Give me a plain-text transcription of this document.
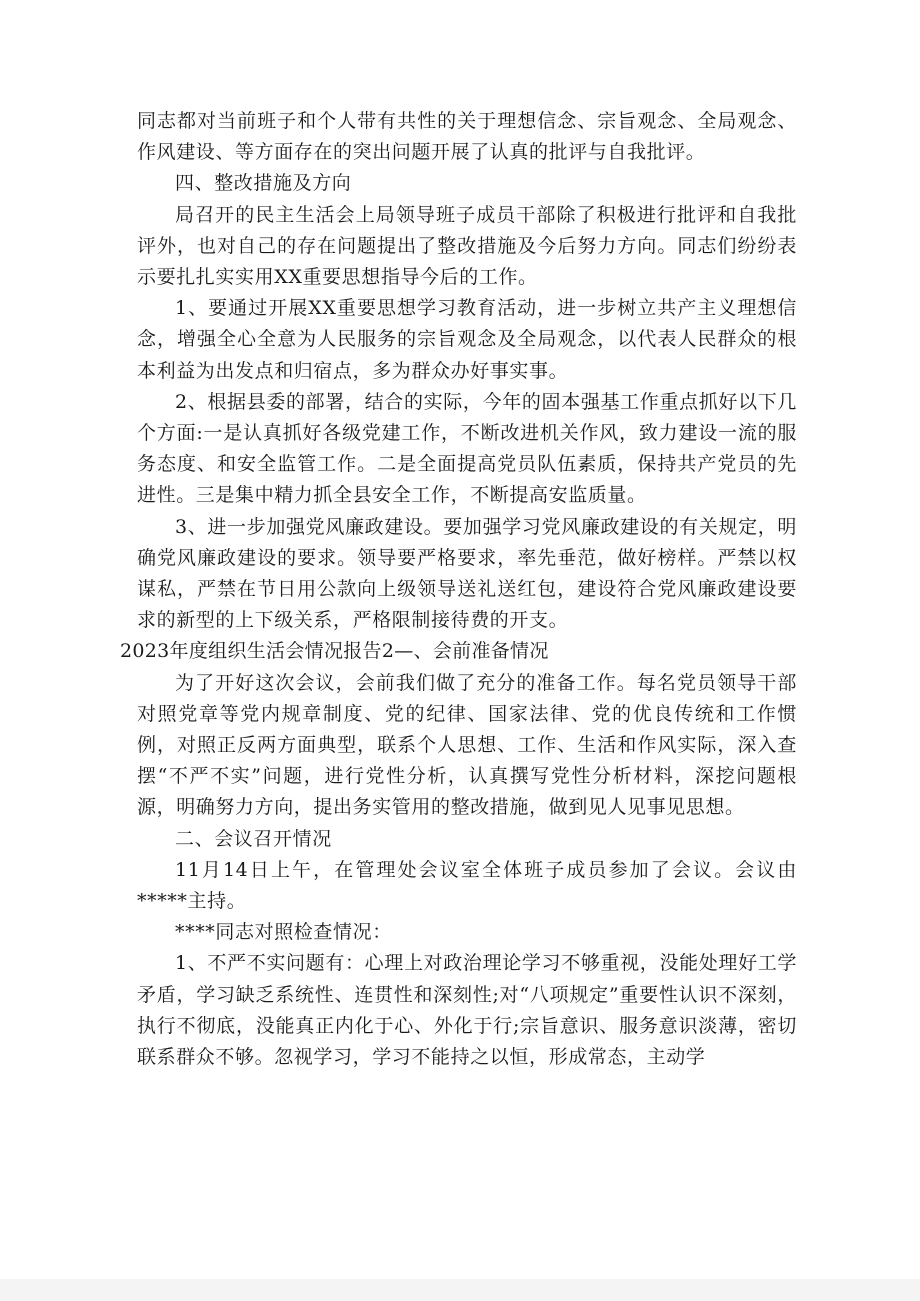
同志都对当前班子和个人带有共性的关于理想信念、宗旨观念、全局观念、作风建设、等方面存在的突出问题开展了认真的批评与自我批评。

四、整改措施及方向

局召开的民主生活会上局领导班子成员干部除了积极进行批评和自我批评外，也对自己的存在问题提出了整改措施及今后努力方向。同志们纷纷表示要扎扎实实用XX重要思想指导今后的工作。

1、要通过开展XX重要思想学习教育活动，进一步树立共产主义理想信念，增强全心全意为人民服务的宗旨观念及全局观念，以代表人民群众的根本利益为出发点和归宿点，多为群众办好事实事。

2、根据县委的部署，结合的实际，今年的固本强基工作重点抓好以下几个方面:一是认真抓好各级党建工作，不断改进机关作风，致力建设一流的服务态度、和安全监管工作。二是全面提高党员队伍素质，保持共产党员的先进性。三是集中精力抓全县安全工作，不断提高安监质量。

3、进一步加强党风廉政建设。要加强学习党风廉政建设的有关规定，明确党风廉政建设的要求。领导要严格要求，率先垂范，做好榜样。严禁以权谋私，严禁在节日用公款向上级领导送礼送红包，建设符合党风廉政建设要求的新型的上下级关系，严格限制接待费的开支。

2023年度组织生活会情况报告2—、会前准备情况

为了开好这次会议，会前我们做了充分的准备工作。每名党员领导干部对照党章等党内规章制度、党的纪律、国家法律、党的优良传统和工作惯例，对照正反两方面典型，联系个人思想、工作、生活和作风实际，深入查摆“不严不实”问题，进行党性分析，认真撰写党性分析材料，深挖问题根源，明确努力方向，提出务实管用的整改措施，做到见人见事见思想。

二、会议召开情况

11月14日上午，在管理处会议室全体班子成员参加了会议。会议由*****主持。

****同志对照检查情况：

1、不严不实问题有：心理上对政治理论学习不够重视，没能处理好工学矛盾，学习缺乏系统性、连贯性和深刻性;对“八项规定”重要性认识不深刻，执行不彻底，没能真正内化于心、外化于行;宗旨意识、服务意识淡薄，密切联系群众不够。忽视学习，学习不能持之以恒，形成常态，主动学
